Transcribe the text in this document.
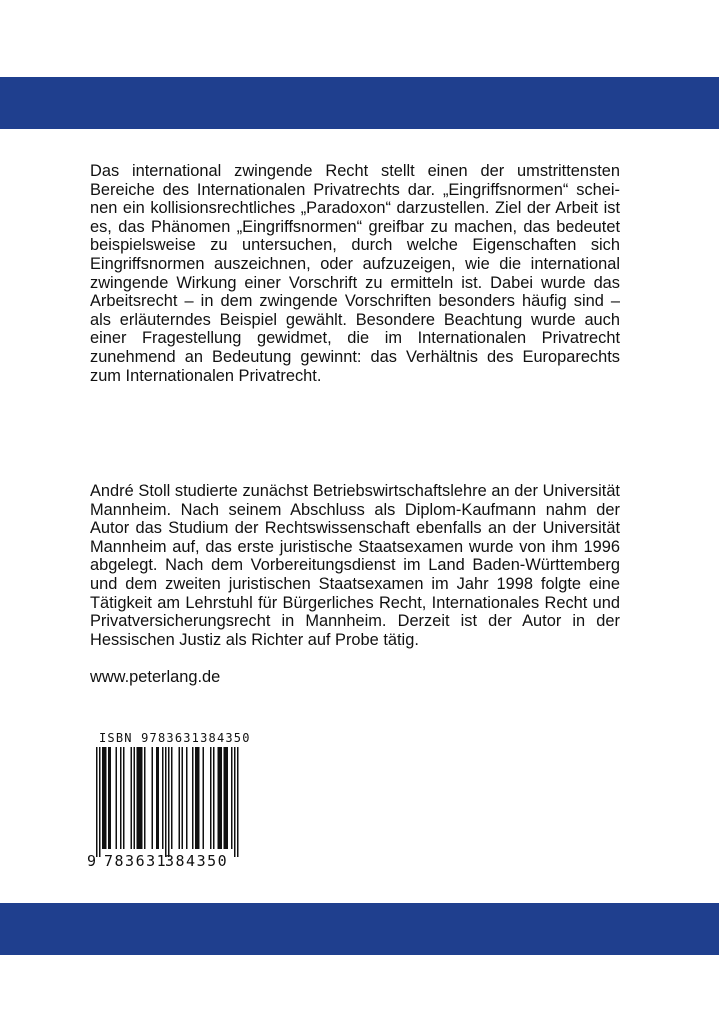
Das international zwingende Recht stellt einen der umstrittensten Bereiche des Internationalen Privatrechts dar. „Eingriffsnormen“ scheinen ein kollisionsrechtliches „Paradoxon“ darzustellen. Ziel der Arbeit ist es, das Phänomen „Eingriffsnormen“ greifbar zu machen, das bedeutet beispielsweise zu untersuchen, durch welche Eigenschaften sich Eingriffsnormen auszeichnen, oder aufzuzeigen, wie die international zwingende Wirkung einer Vorschrift zu ermitteln ist. Dabei wurde das Arbeitsrecht – in dem zwingende Vorschriften besonders häufig sind – als erläuterndes Beispiel gewählt. Besondere Beachtung wurde auch einer Fragestellung gewidmet, die im Internationalen Privatrecht zunehmend an Bedeutung gewinnt: das Verhältnis des Europarechts zum Internationalen Privatrecht.

André Stoll studierte zunächst Betriebswirtschaftslehre an der Universität Mannheim. Nach seinem Abschluss als Diplom-Kaufmann nahm der Autor das Studium der Rechtswissenschaft ebenfalls an der Universität Mannheim auf, das erste juristische Staatsexamen wurde von ihm 1996 abgelegt. Nach dem Vorbereitungsdienst im Land Baden-Württemberg und dem zweiten juristischen Staatsexamen im Jahr 1998 folgte eine Tätigkeit am Lehrstuhl für Bürgerliches Recht, Internationales Recht und Privatversicherungsrecht in Mannheim. Derzeit ist der Autor in der Hessischen Justiz als Richter auf Probe tätig.

www.peterlang.de
ISBN 9783631384350
9 783631
384350
